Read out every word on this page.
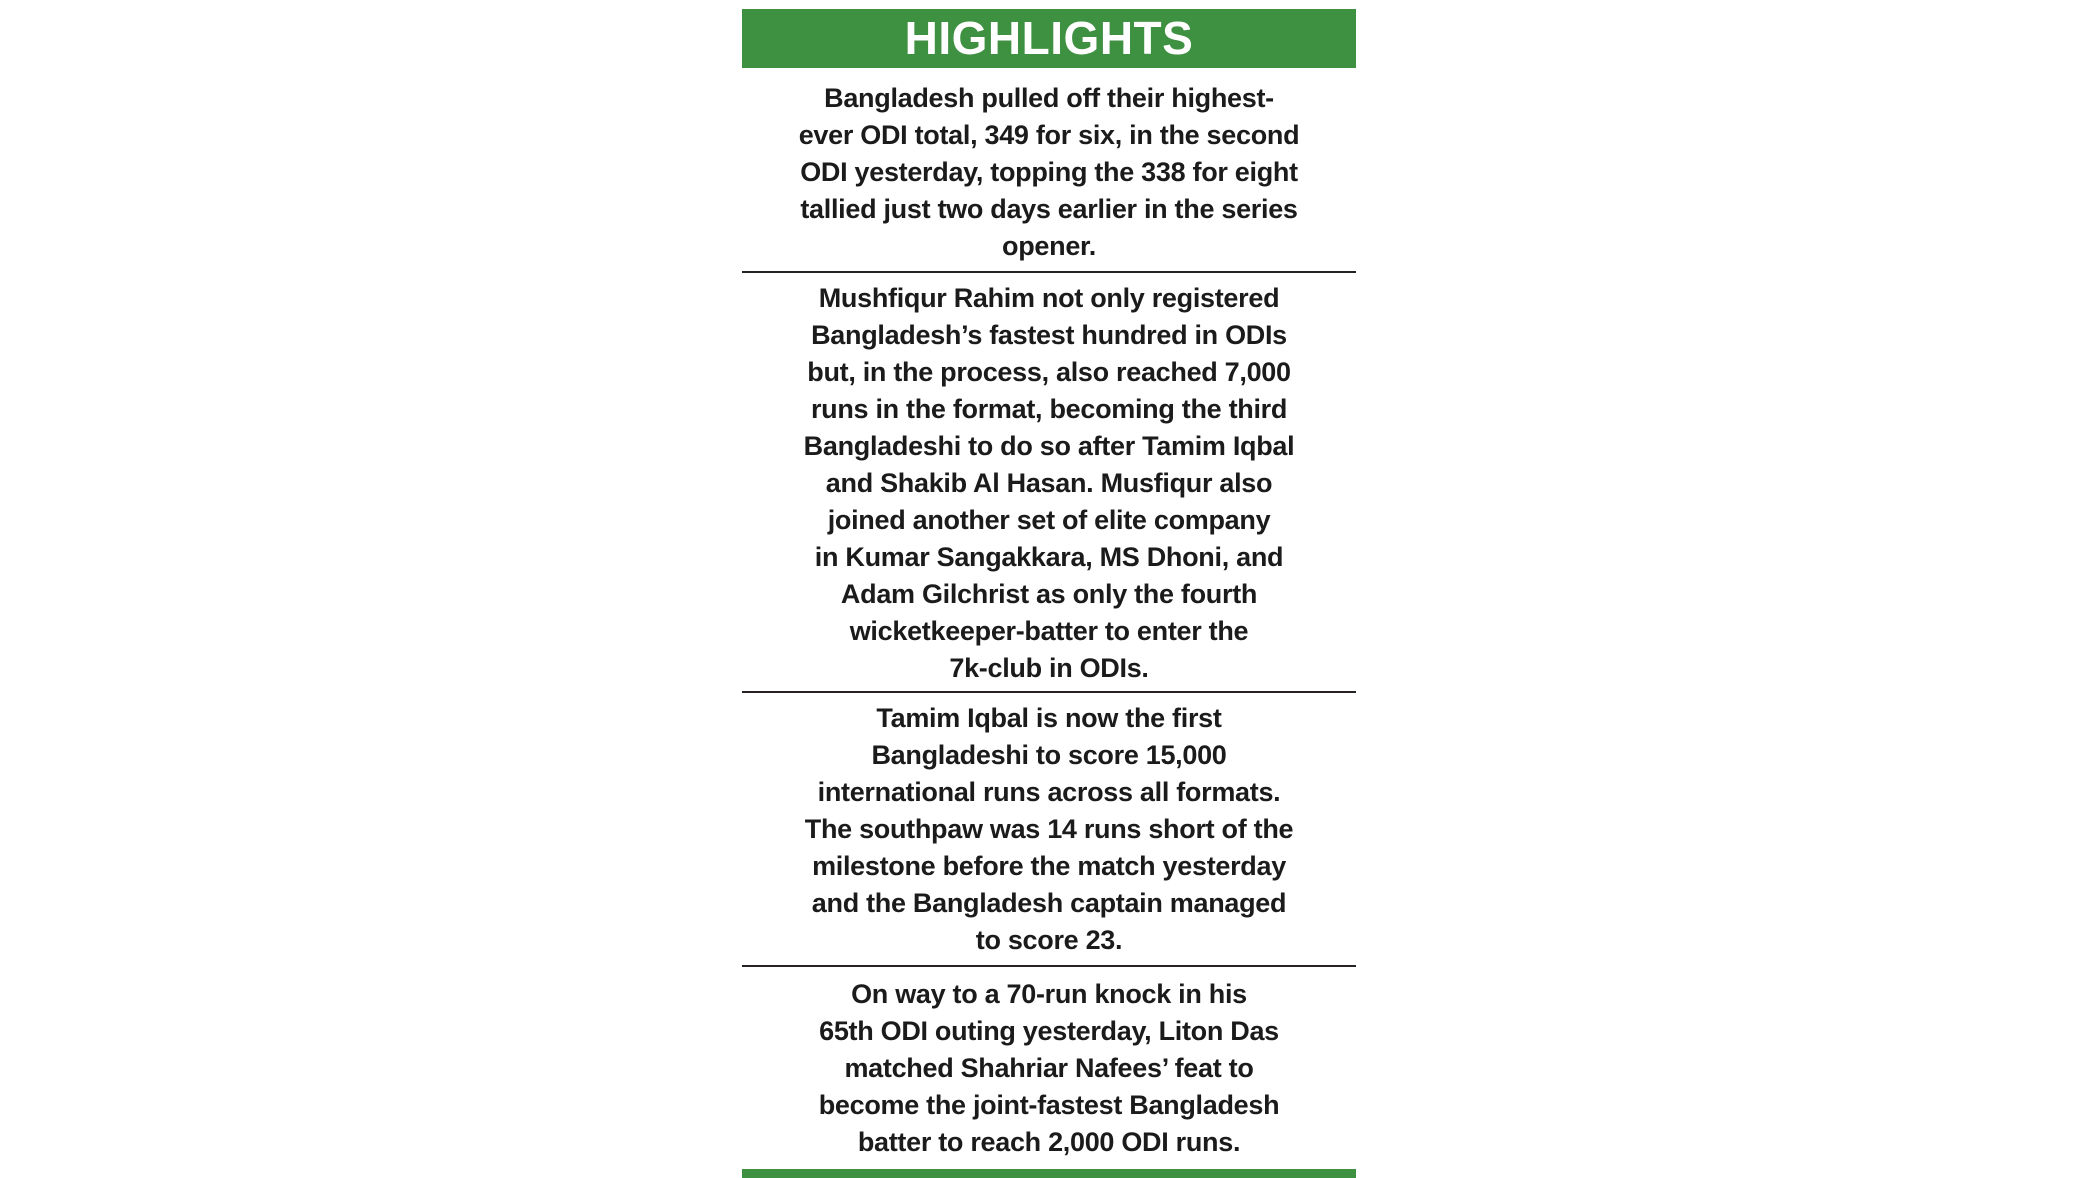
HIGHLIGHTS
Bangladesh pulled off their highest-
ever ODI total, 349 for six, in the second
ODI yesterday, topping the 338 for eight
tallied just two days earlier in the series
opener.
Mushfiqur Rahim not only registered
Bangladesh’s fastest hundred in ODIs
but, in the process, also reached 7,000
runs in the format, becoming the third
Bangladeshi to do so after Tamim Iqbal
and Shakib Al Hasan. Musfiqur also
joined another set of elite company
in Kumar Sangakkara, MS Dhoni, and
Adam Gilchrist as only the fourth
wicketkeeper-batter to enter the
7k-club in ODIs.
Tamim Iqbal is now the first
Bangladeshi to score 15,000
international runs across all formats.
The southpaw was 14 runs short of the
milestone before the match yesterday
and the Bangladesh captain managed
to score 23.
On way to a 70-run knock in his
65th ODI outing yesterday, Liton Das
matched Shahriar Nafees’ feat to
become the joint-fastest Bangladesh
batter to reach 2,000 ODI runs.
